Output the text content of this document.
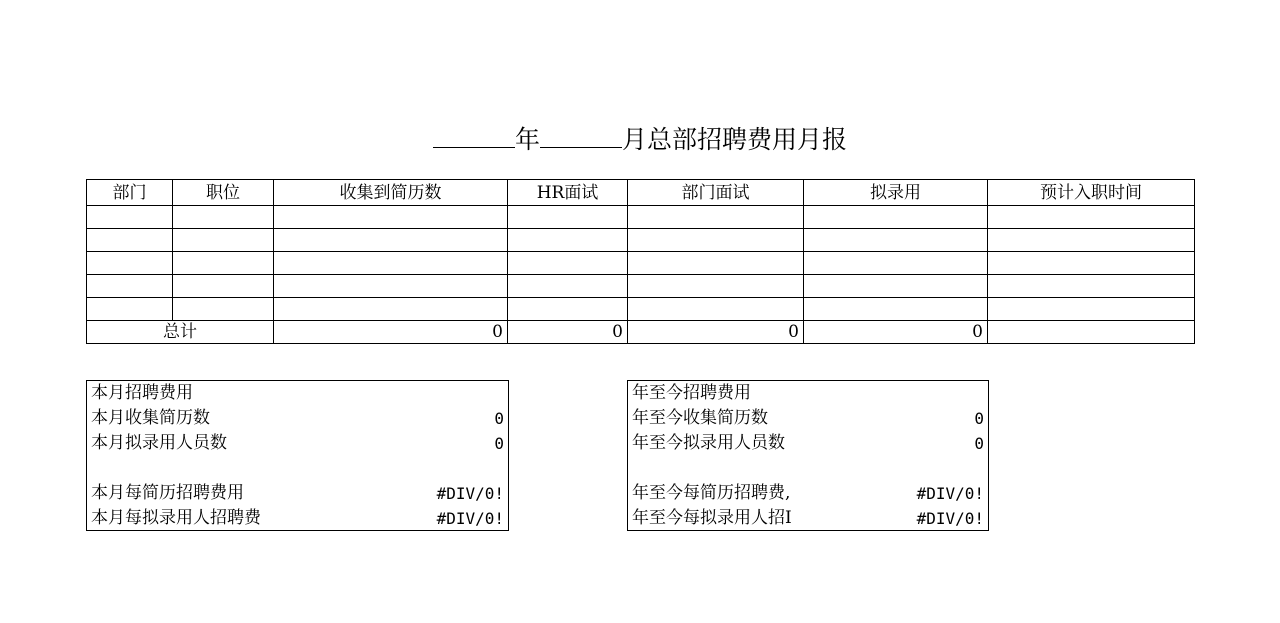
年	月总部招聘费用月报
部门	职位	收集到简历数	HR面试	部门面试	拟录用	预计入职时间

总计		0	0	0	0	
本月招聘费用
本月收集简历数	0
本月拟录用人员数	0
本月每简历招聘费用	#DIV/0!
本月每拟录用人招聘费	#DIV/0!
年至今招聘费用
年至今收集简历数	0
年至今拟录用人员数	0
年至今每简历招聘费,	#DIV/0!
年至今每拟录用人招I	#DIV/0!
